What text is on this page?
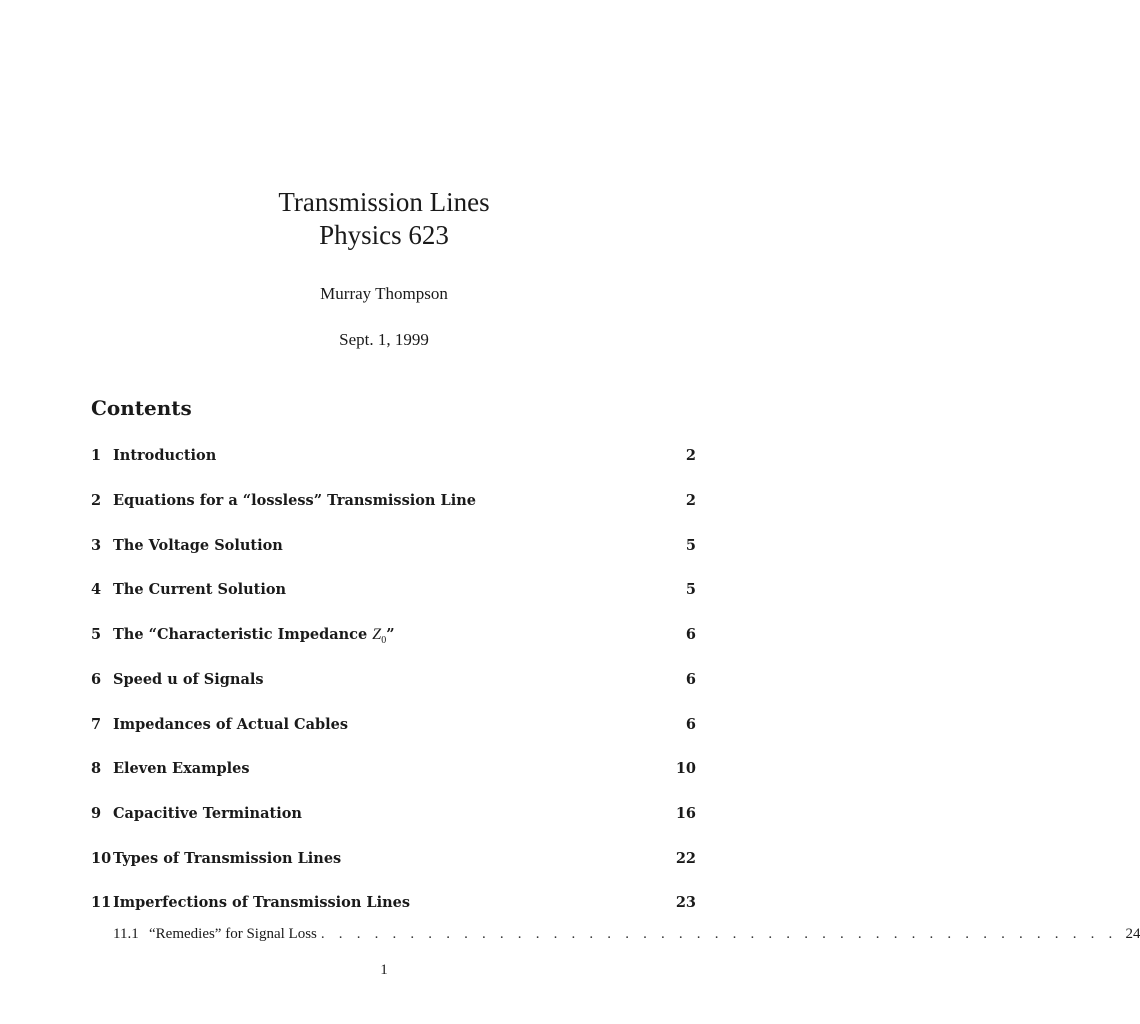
Transmission Lines
Physics 623
Murray Thompson
Sept. 1, 1999
Contents
1 Introduction	2
2 Equations for a “lossless” Transmission Line	2
3 The Voltage Solution	5
4 The Current Solution	5
5 The “Characteristic Impedance $Z_0$”	6
6 Speed u of Signals	6
7 Impedances of Actual Cables	6
8 Eleven Examples	10
9 Capacitive Termination	16
10 Types of Transmission Lines	22
11 Imperfections of Transmission Lines	23
11.1 “Remedies” for Signal Loss . . . . . . . . . . . . . . . . . . . . . . . . . . . . . . . . . . . . . . . . . . . . . 24
1
